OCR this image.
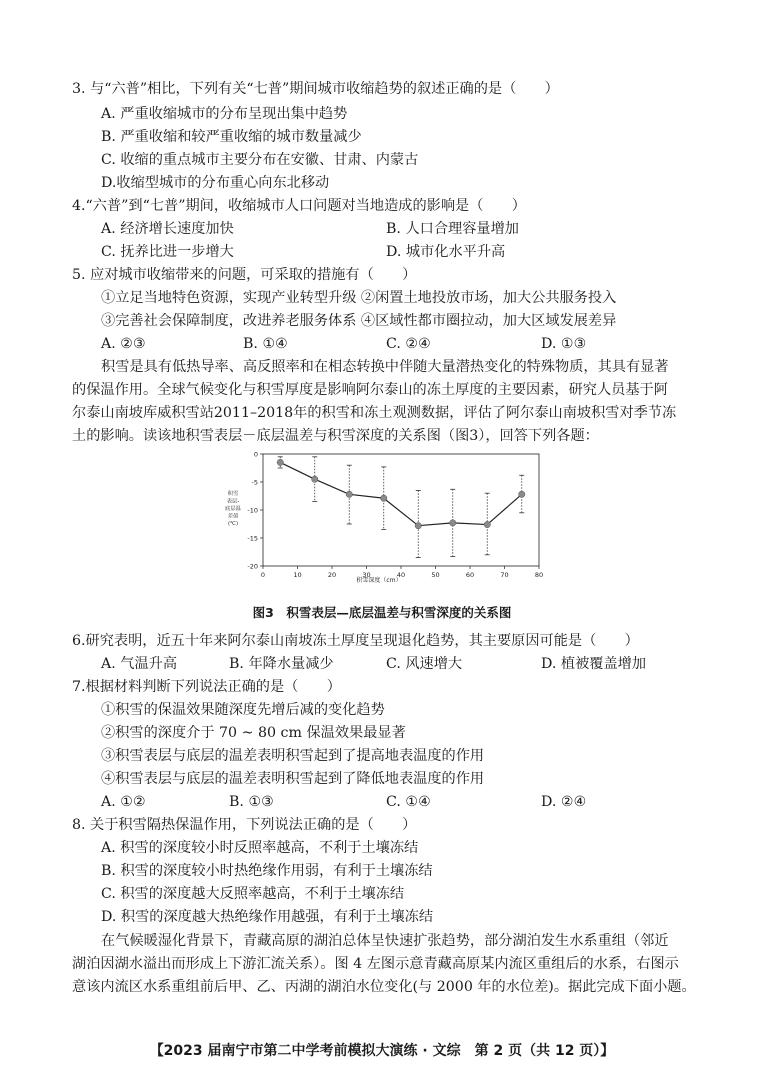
3. 与“六普”相比，下列有关“七普”期间城市收缩趋势的叙述正确的是（　　）
A. 严重收缩城市的分布呈现出集中趋势
B. 严重收缩和较严重收缩的城市数量减少
C. 收缩的重点城市主要分布在安徽、甘肃、内蒙古
D.收缩型城市的分布重心向东北移动
4.“六普”到“七普”期间，收缩城市人口问题对当地造成的影响是（　　）
A. 经济增长速度加快	B. 人口合理容量增加
C. 抚养比进一步增大	D. 城市化水平升高
5. 应对城市收缩带来的问题，可采取的措施有（　　）
①立足当地特色资源，实现产业转型升级 ②闲置土地投放市场，加大公共服务投入
③完善社会保障制度，改进养老服务体系 ④区域性都市圈拉动，加大区域发展差异
A. ②③	B. ①④	C. ②④	D. ①③
积雪是具有低热导率、高反照率和在相态转换中伴随大量潜热变化的特殊物质，其具有显著
的保温作用。全球气候变化与积雪厚度是影响阿尔泰山的冻土厚度的主要因素，研究人员基于阿
尔泰山南坡库威积雪站2011–2018年的积雪和冻土观测数据，评估了阿尔泰山南坡积雪对季节冻
土的影响。读该地积雪表层－底层温差与积雪深度的关系图（图3），回答下列各题：
0	10	20	30	40	50	60	70	80
0
-5
-10
-15
-20
积雪
表层-
底层温
差值
(℃)
积雪深度（cm）
图3　积雪表层—底层温差与积雪深度的关系图
6.研究表明，近五十年来阿尔泰山南坡冻土厚度呈现退化趋势，其主要原因可能是（　　）
A. 气温升高	B. 年降水量减少	C. 风速增大	D. 植被覆盖增加
7.根据材料判断下列说法正确的是（　　）
①积雪的保温效果随深度先增后减的变化趋势
②积雪的深度介于 70 ~ 80 cm 保温效果最显著
③积雪表层与底层的温差表明积雪起到了提高地表温度的作用
④积雪表层与底层的温差表明积雪起到了降低地表温度的作用
A. ①②	B. ①③	C. ①④	D. ②④
8. 关于积雪隔热保温作用，下列说法正确的是（　　）
A. 积雪的深度较小时反照率越高，不利于土壤冻结
B. 积雪的深度较小时热绝缘作用弱，有利于土壤冻结
C. 积雪的深度越大反照率越高，不利于土壤冻结
D. 积雪的深度越大热绝缘作用越强，有利于土壤冻结
在气候暖湿化背景下，青藏高原的湖泊总体呈快速扩张趋势，部分湖泊发生水系重组（邻近
湖泊因湖水溢出而形成上下游汇流关系）。图 4 左图示意青藏高原某内流区重组后的水系，右图示
意该内流区水系重组前后甲、乙、丙湖的湖泊水位变化(与 2000 年的水位差)。据此完成下面小题。
【2023 届南宁市第二中学考前模拟大演练 · 文综　第 2 页（共 12 页）】
